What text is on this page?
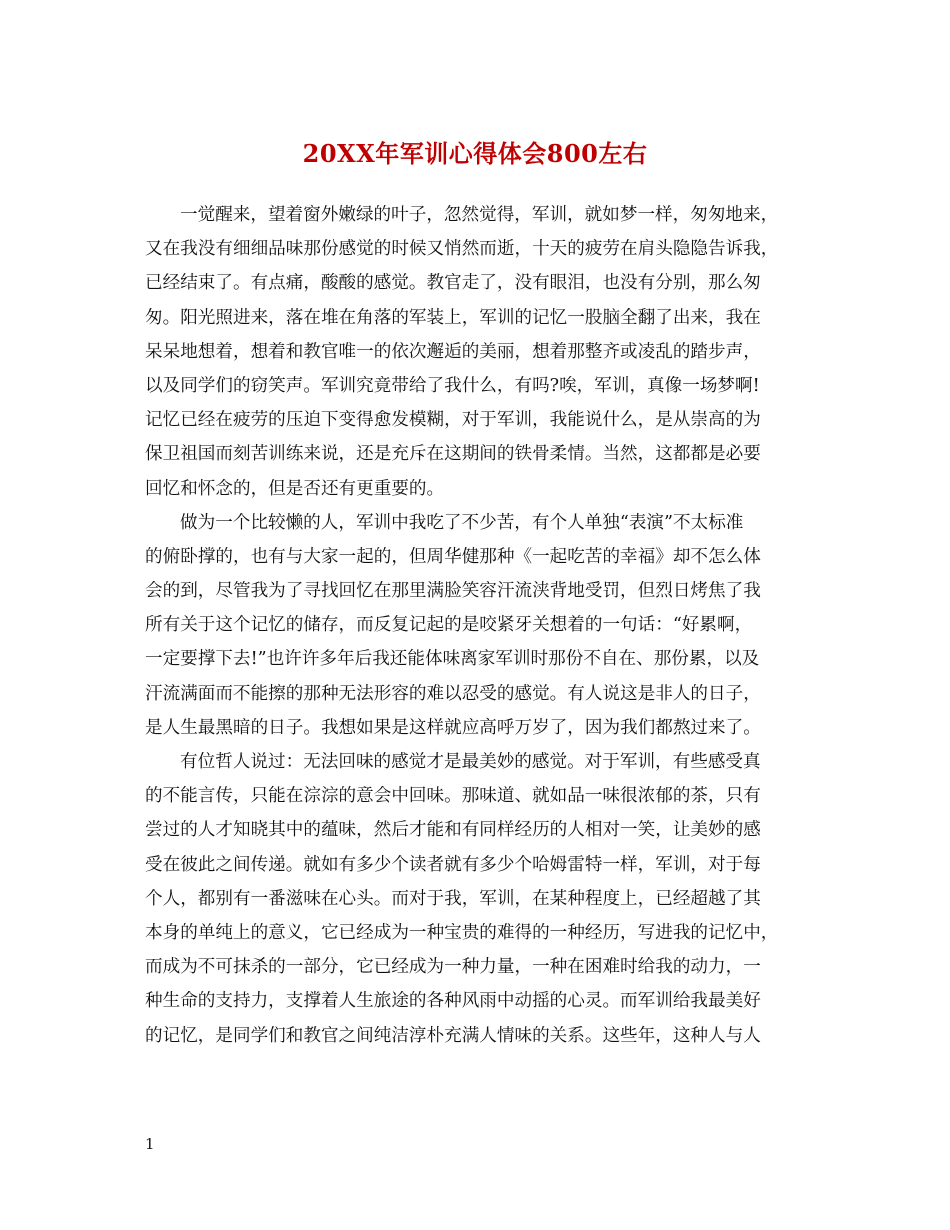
20XX年军训心得体会800左右

一觉醒来，望着窗外嫩绿的叶子，忽然觉得，军训，就如梦一样，匆匆地来，

又在我没有细细品味那份感觉的时候又悄然而逝，十天的疲劳在肩头隐隐告诉我，

已经结束了。有点痛，酸酸的感觉。教官走了，没有眼泪，也没有分别，那么匆

匆。阳光照进来，落在堆在角落的军装上，军训的记忆一股脑全翻了出来，我在

呆呆地想着，想着和教官唯一的依次邂逅的美丽，想着那整齐或凌乱的踏步声，

以及同学们的窃笑声。军训究竟带给了我什么，有吗?唉，军训，真像一场梦啊!

记忆已经在疲劳的压迫下变得愈发模糊，对于军训，我能说什么，是从崇高的为

保卫祖国而刻苦训练来说，还是充斥在这期间的铁骨柔情。当然，这都都是必要

回忆和怀念的，但是否还有更重要的。

做为一个比较懒的人，军训中我吃了不少苦，有个人单独“表演”不太标准

的俯卧撑的，也有与大家一起的，但周华健那种《一起吃苦的幸福》却不怎么体

会的到，尽管我为了寻找回忆在那里满脸笑容汗流浃背地受罚，但烈日烤焦了我

所有关于这个记忆的储存，而反复记起的是咬紧牙关想着的一句话：“好累啊，

一定要撑下去!”也许许多年后我还能体味离家军训时那份不自在、那份累，以及

汗流满面而不能擦的那种无法形容的难以忍受的感觉。有人说这是非人的日子，

是人生最黑暗的日子。我想如果是这样就应高呼万岁了，因为我们都熬过来了。

有位哲人说过：无法回味的感觉才是最美妙的感觉。对于军训，有些感受真

的不能言传，只能在淙淙的意会中回味。那味道、就如品一味很浓郁的茶，只有

尝过的人才知晓其中的蕴味，然后才能和有同样经历的人相对一笑，让美妙的感

受在彼此之间传递。就如有多少个读者就有多少个哈姆雷特一样，军训，对于每

个人，都别有一番滋味在心头。而对于我，军训，在某种程度上，已经超越了其

本身的单纯上的意义，它已经成为一种宝贵的难得的一种经历，写进我的记忆中，

而成为不可抹杀的一部分，它已经成为一种力量，一种在困难时给我的动力，一

种生命的支持力，支撑着人生旅途的各种风雨中动摇的心灵。而军训给我最美好

的记忆，是同学们和教官之间纯洁淳朴充满人情味的关系。这些年，这种人与人

1
